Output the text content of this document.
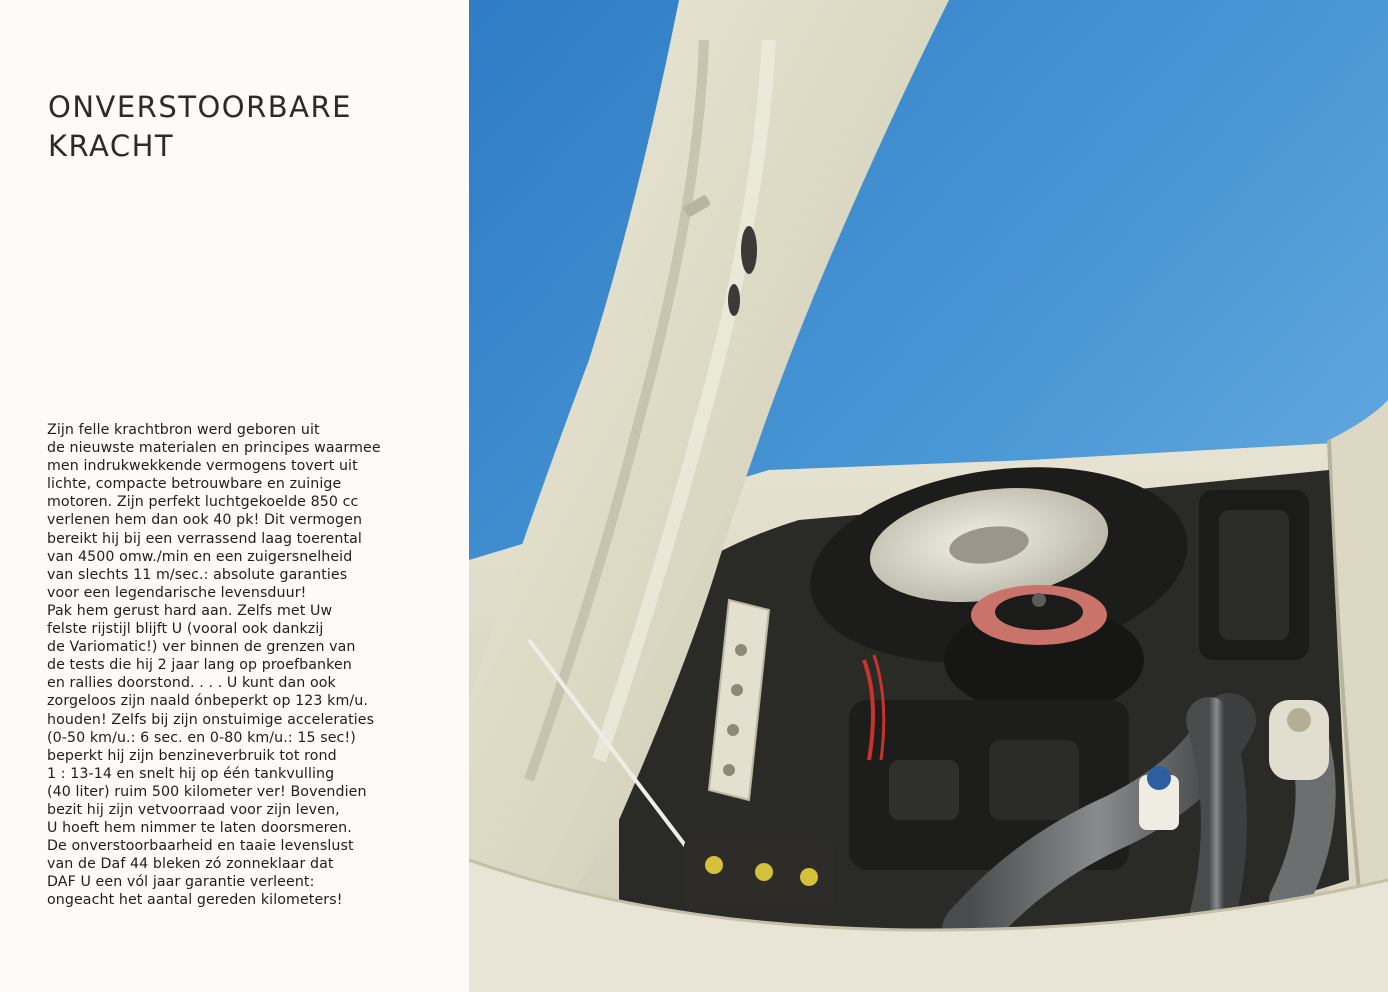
ONVERSTOORBARE
KRACHT
Zijn felle krachtbron werd geboren uit
de nieuwste materialen en principes waarmee
men indrukwekkende vermogens tovert uit
lichte, compacte betrouwbare en zuinige
motoren. Zijn perfekt luchtgekoelde 850 cc
verlenen hem dan ook 40 pk! Dit vermogen
bereikt hij bij een verrassend laag toerental
van 4500 omw./min en een zuigersnelheid
van slechts 11 m/sec.: absolute garanties
voor een legendarische levensduur!
Pak hem gerust hard aan. Zelfs met Uw
felste rijstijl blijft U (vooral ook dankzij
de Variomatic!) ver binnen de grenzen van
de tests die hij 2 jaar lang op proefbanken
en rallies doorstond. . . . U kunt dan ook
zorgeloos zijn naald ónbeperkt op 123 km/u.
houden! Zelfs bij zijn onstuimige acceleraties
(0-50 km/u.: 6 sec. en 0-80 km/u.: 15 sec!)
beperkt hij zijn benzineverbruik tot rond
1 : 13-14 en snelt hij op één tankvulling
(40 liter) ruim 500 kilometer ver! Bovendien
bezit hij zijn vetvoorraad voor zijn leven,
U hoeft hem nimmer te laten doorsmeren.
De onverstoorbaarheid en taaie levenslust
van de Daf 44 bleken zó zonneklaar dat
DAF U een vól jaar garantie verleent:
ongeacht het aantal gereden kilometers!
